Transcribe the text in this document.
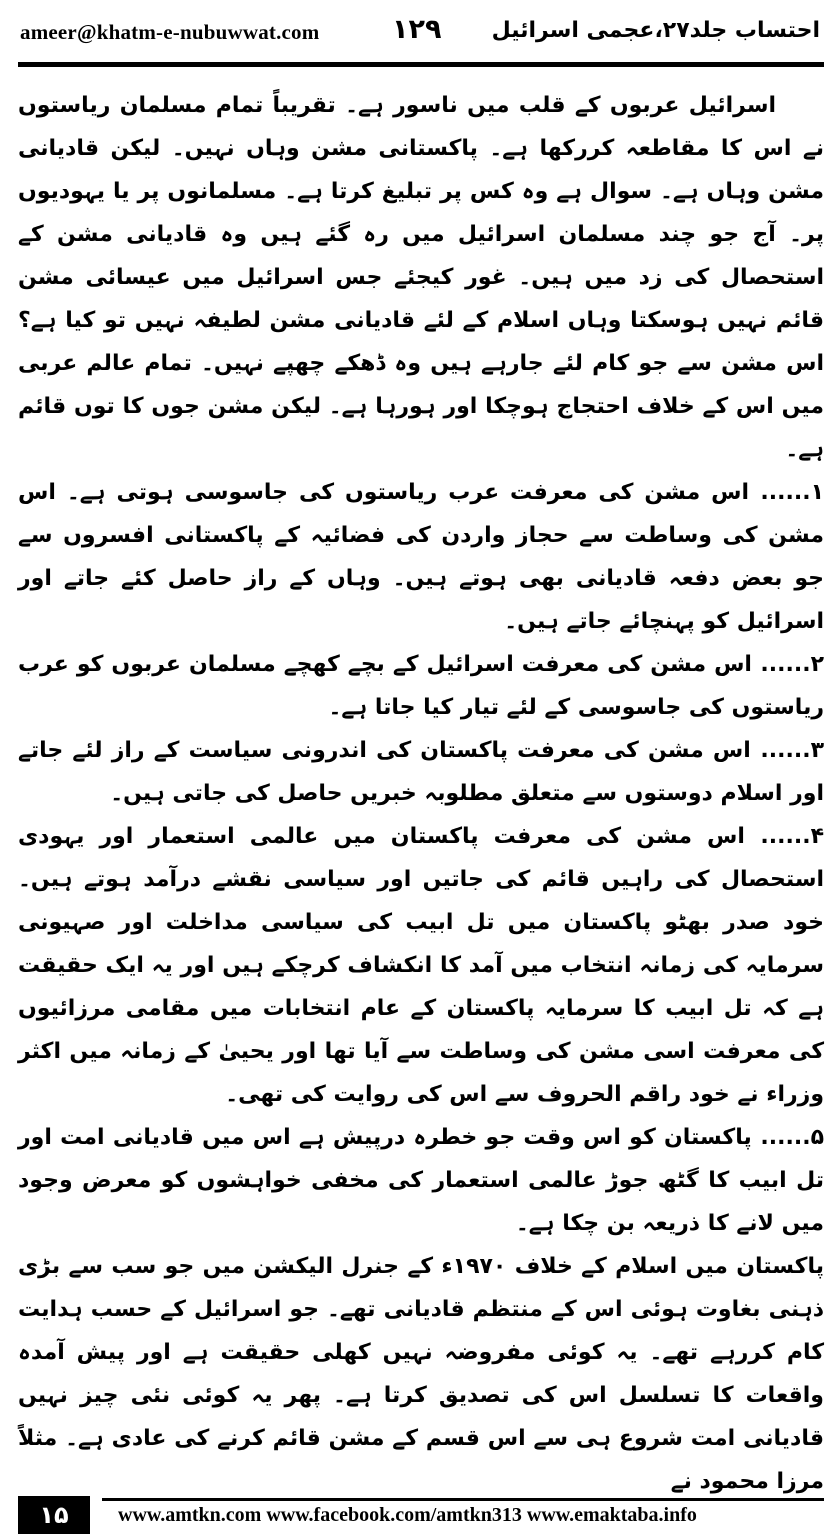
ameer@khatm-e-nubuwwat.com	۱۲۹ احتساب جلد۲۷،عجمی اسرائیل

اسرائیل عربوں کے قلب میں ناسور ہے۔ تقریباً تمام مسلمان ریاستوں نے اس کا مقاطعہ کررکھا ہے۔ پاکستانی مشن وہاں نہیں۔ لیکن قادیانی مشن وہاں ہے۔ سوال ہے وہ کس پر تبلیغ کرتا ہے۔ مسلمانوں پر یا یہودیوں پر۔ آج جو چند مسلمان اسرائیل میں رہ گئے ہیں وہ قادیانی مشن کے استحصال کی زد میں ہیں۔ غور کیجئے جس اسرائیل میں عیسائی مشن قائم نہیں ہوسکتا وہاں اسلام کے لئے قادیانی مشن لطیفہ نہیں تو کیا ہے؟ اس مشن سے جو کام لئے جارہے ہیں وہ ڈھکے چھپے نہیں۔ تمام عالم عربی میں اس کے خلاف احتجاج ہوچکا اور ہورہا ہے۔ لیکن مشن جوں کا توں قائم ہے۔

۱...... اس مشن کی معرفت عرب ریاستوں کی جاسوسی ہوتی ہے۔ اس مشن کی وساطت سے حجاز واردن کی فضائیہ کے پاکستانی افسروں سے جو بعض دفعہ قادیانی بھی ہوتے ہیں۔ وہاں کے راز حاصل کئے جاتے اور اسرائیل کو پہنچائے جاتے ہیں۔

۲...... اس مشن کی معرفت اسرائیل کے بچے کھچے مسلمان عربوں کو عرب ریاستوں کی جاسوسی کے لئے تیار کیا جاتا ہے۔

۳...... اس مشن کی معرفت پاکستان کی اندرونی سیاست کے راز لئے جاتے اور اسلام دوستوں سے متعلق مطلوبہ خبریں حاصل کی جاتی ہیں۔

۴...... اس مشن کی معرفت پاکستان میں عالمی استعمار اور یہودی استحصال کی راہیں قائم کی جاتیں اور سیاسی نقشے درآمد ہوتے ہیں۔ خود صدر بھٹو پاکستان میں تل ابیب کی سیاسی مداخلت اور صہیونی سرمایہ کی زمانہ انتخاب میں آمد کا انکشاف کرچکے ہیں اور یہ ایک حقیقت ہے کہ تل ابیب کا سرمایہ پاکستان کے عام انتخابات میں مقامی مرزائیوں کی معرفت اسی مشن کی وساطت سے آیا تھا اور یحییٰ کے زمانہ میں اکثر وزراء نے خود راقم الحروف سے اس کی روایت کی تھی۔

۵...... پاکستان کو اس وقت جو خطرہ درپیش ہے اس میں قادیانی امت اور تل ابیب کا گٹھ جوڑ عالمی استعمار کی مخفی خواہشوں کو معرض وجود میں لانے کا ذریعہ بن چکا ہے۔

پاکستان میں اسلام کے خلاف ۱۹۷۰ء کے جنرل الیکشن میں جو سب سے بڑی ذہنی بغاوت ہوئی اس کے منتظم قادیانی تھے۔ جو اسرائیل کے حسب ہدایت کام کررہے تھے۔ یہ کوئی مفروضہ نہیں کھلی حقیقت ہے اور پیش آمدہ واقعات کا تسلسل اس کی تصدیق کرتا ہے۔ پھر یہ کوئی نئی چیز نہیں قادیانی امت شروع ہی سے اس قسم کے مشن قائم کرنے کی عادی ہے۔ مثلاً مرزا محمود نے

۱۵	www.amtkn.com www.facebook.com/amtkn313 www.emaktaba.info
